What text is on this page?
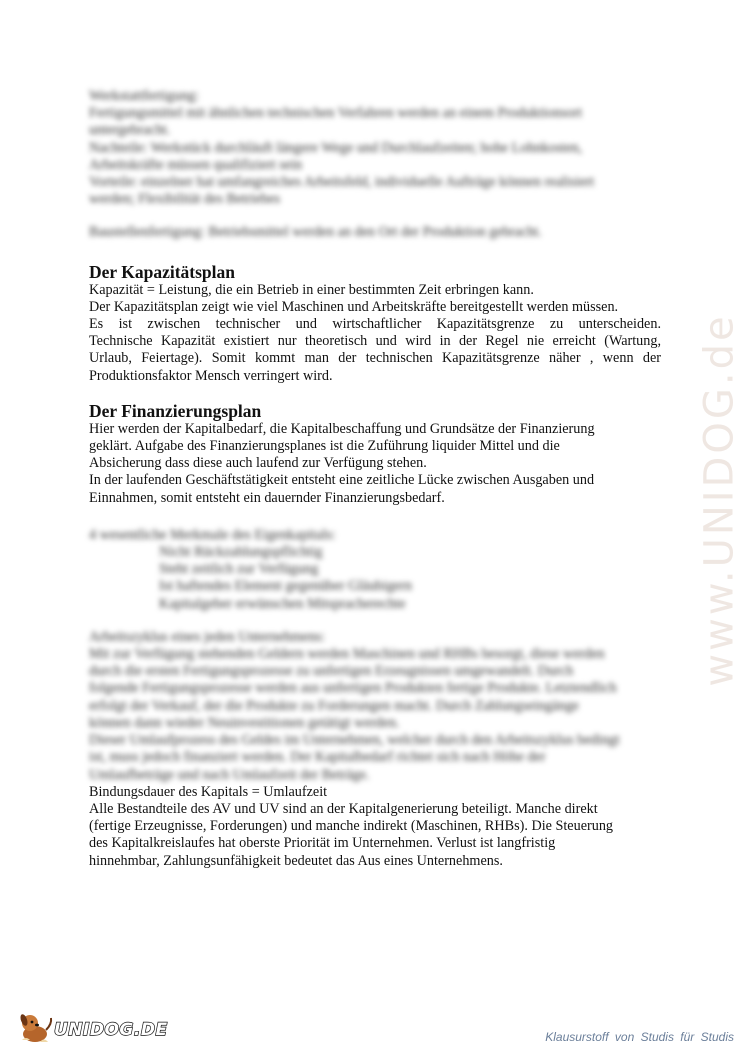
www.UNIDOG.de

Werkstattfertigung:

Fertigungsmittel mit ähnlichen technischen Verfahren werden an einem Produktionsort

untergebracht.

Nachteile: Werkstück durchläuft längere Wege und Durchlaufzeiten; hohe Lohnkosten,

Arbeitskräfte müssen qualifiziert sein

Vorteile: einzelner hat umfangreiches Arbeitsfeld, individuelle Aufträge können realisiert

werden; Flexibilität des Betriebes

Baustellenfertigung: Betriebsmittel werden an den Ort der Produktion gebracht.

Der Kapazitätsplan

Kapazität = Leistung, die ein Betrieb in einer bestimmten Zeit erbringen kann.

Der Kapazitätsplan zeigt wie viel Maschinen und Arbeitskräfte bereitgestellt werden müssen.

Es ist zwischen technischer und wirtschaftlicher Kapazitätsgrenze zu unterscheiden.

Technische Kapazität existiert nur theoretisch und wird in der Regel nie erreicht (Wartung,

Urlaub, Feiertage). Somit kommt man der technischen Kapazitätsgrenze näher , wenn der

Produktionsfaktor Mensch verringert wird.

Der Finanzierungsplan

Hier werden der Kapitalbedarf, die Kapitalbeschaffung und Grundsätze der Finanzierung

geklärt. Aufgabe des Finanzierungsplanes ist die Zuführung liquider Mittel und die

Absicherung dass diese auch laufend zur Verfügung stehen.

In der laufenden Geschäftstätigkeit entsteht eine zeitliche Lücke zwischen Ausgaben und

Einnahmen, somit entsteht ein dauernder Finanzierungsbedarf.

4 wesentliche Merkmale des Eigenkapitals:

Nicht Rückzahlungspflichtig

Steht zeitlich zur Verfügung

Ist haftendes Element gegenüber Gläubigern

Kapitalgeber erwünschen Mitspracherechte

Arbeitszyklus eines jeden Unternehmens:

Mit zur Verfügung stehenden Geldern werden Maschinen und RHBs besorgt, diese werden

durch die ersten Fertigungsprozesse zu unfertigen Erzeugnissen umgewandelt. Durch

folgende Fertigungsprozesse werden aus unfertigen Produkten fertige Produkte. Letztendlich

erfolgt der Verkauf, der die Produkte zu Forderungen macht. Durch Zahlungseingänge

können dann wieder Neuinvestitionen getätigt werden.

Dieser Umlaufprozess des Geldes im Unternehmen, welcher durch den Arbeitszyklus bedingt

ist, muss jedoch finanziert werden. Der Kapitalbedarf richtet sich nach Höhe der

Umlaufbeträge und nach Umlaufzeit der Beträge.

Bindungsdauer des Kapitals = Umlaufzeit

Alle Bestandteile des AV und UV sind an der Kapitalgenerierung beteiligt. Manche direkt

(fertige Erzeugnisse, Forderungen) und manche indirekt (Maschinen, RHBs). Die Steuerung

des Kapitalkreislaufes hat oberste Priorität im Unternehmen. Verlust ist langfristig

hinnehmbar, Zahlungsunfähigkeit bedeutet das Aus eines Unternehmens.

UNIDOG.DE	Klausurstoff von Studis für Studis
